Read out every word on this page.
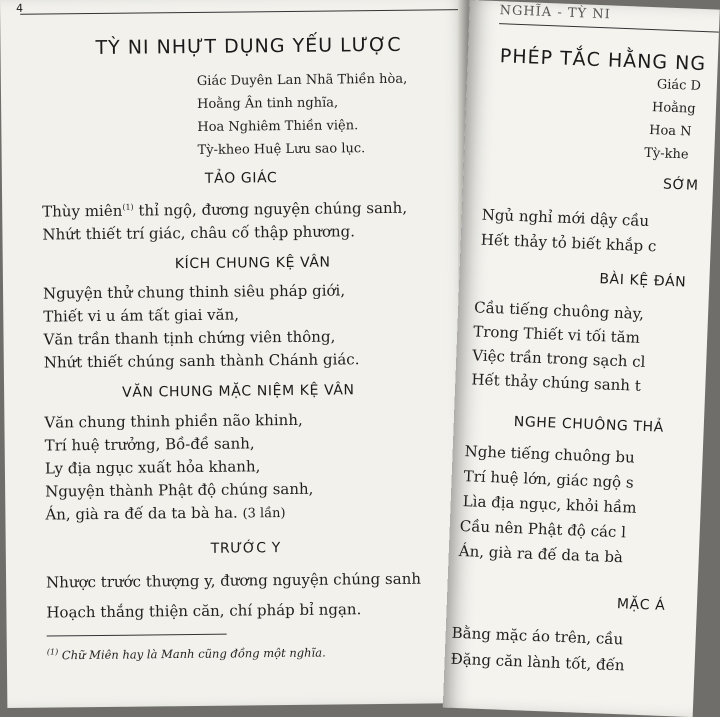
4
TỲ NI NHỰT DỤNG YẾU LƯỢC
Giác Duyên Lan Nhã Thiền hòa,
Hoằng Ân tinh nghĩa,
Hoa Nghiêm Thiền viện.
Tỳ-kheo Huệ Lưu sao lục.
TẢO GIÁC
Thùy miên$^{(1)}$ thỉ ngộ, đương nguyện chúng sanh,
Nhứt thiết trí giác, châu cố thập phương.
KÍCH CHUNG KỆ VÂN
Nguyện thử chung thinh siêu pháp giới,
Thiết vi u ám tất giai văn,
Văn trần thanh tịnh chứng viên thông,
Nhứt thiết chúng sanh thành Chánh giác.
VĂN CHUNG MẶC NIỆM KỆ VÂN
Văn chung thinh phiền não khinh,
Trí huệ trưởng, Bồ-đề sanh,
Ly địa ngục xuất hỏa khanh,
Nguyện thành Phật độ chúng sanh,
Án, già ra đế da ta bà ha. (3 lần)
TRƯỚC Y
Nhược trước thượng y, đương nguyện chúng sanh
Hoạch thắng thiện căn, chí pháp bỉ ngạn.
$^{(1)}$ Chữ Miên hay là Manh cũng đồng một nghĩa.
NGHĨA - TỲ NI
PHÉP TẮC HẰNG NG
Giác D
Hoằng
Hoa N
Tỳ-khe
SỚM
Ngủ nghỉ mới dậy cầu
Hết thảy tỏ biết khắp c
BÀI KỆ ĐÁN
Cầu tiếng chuông này,
Trong Thiết vi tối tăm
Việc trần trong sạch cl
Hết thảy chúng sanh t
NGHE CHUÔNG THẢ
Nghe tiếng chuông bu
Trí huệ lớn, giác ngộ s
Lìa địa ngục, khỏi hầm
Cầu nên Phật độ các l
Án, già ra đế da ta bà
MẶC Á
Bằng mặc áo trên, cầu
Đặng căn lành tốt, đến
